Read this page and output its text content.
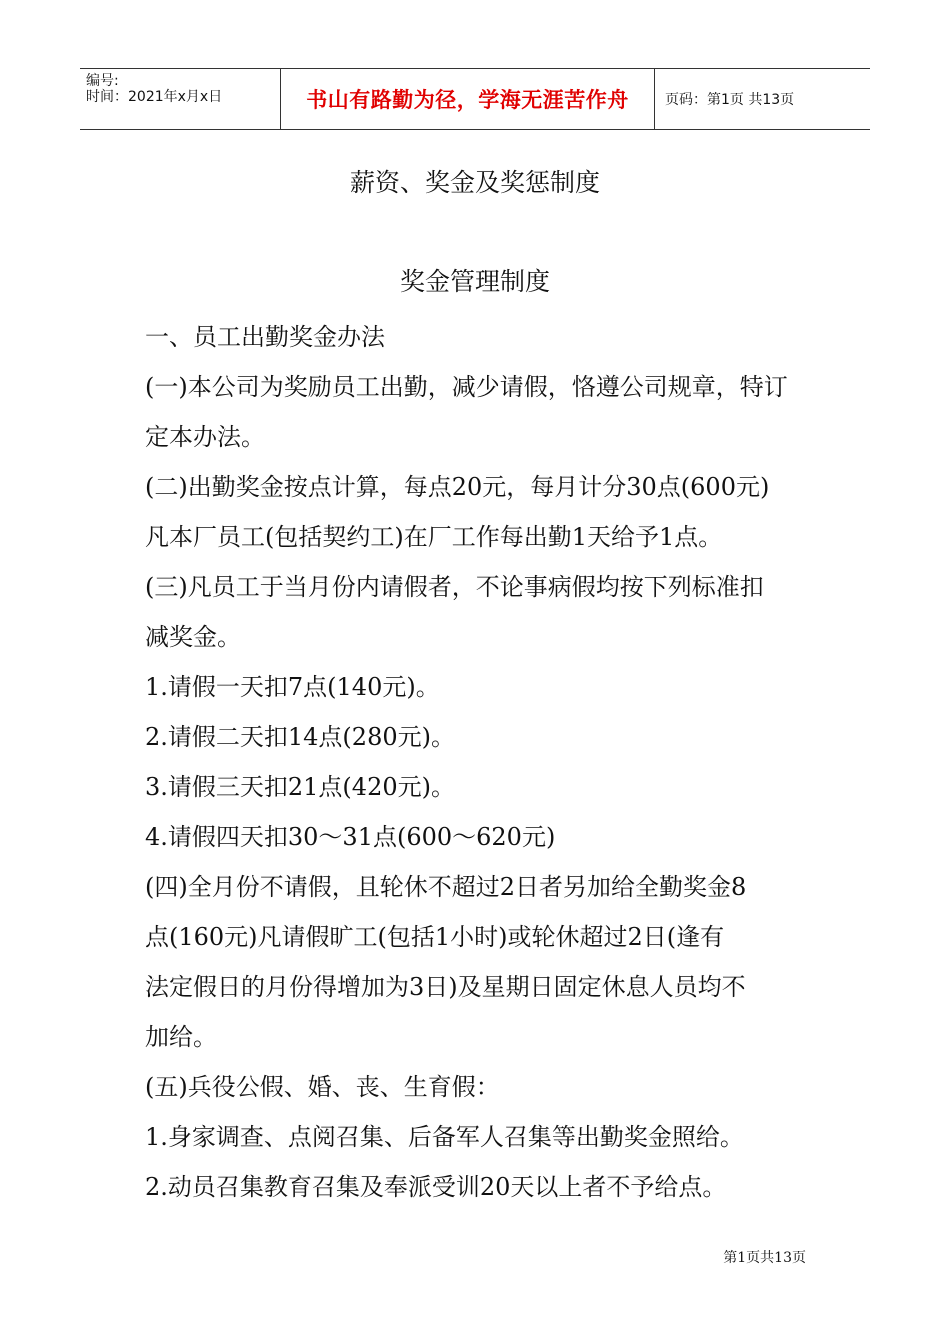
编号:
时间：2021年x月x日	书山有路勤为径，学海无涯苦作舟	页码：第1页 共13页
薪资、奖金及奖惩制度
奖金管理制度
一、员工出勤奖金办法
(一)本公司为奖励员工出勤，减少请假，恪遵公司规章，特订
定本办法。
(二)出勤奖金按点计算，每点20元，每月计分30点(600元)
凡本厂员工(包括契约工)在厂工作每出勤1天给予1点。
(三)凡员工于当月份内请假者，不论事病假均按下列标准扣
减奖金。
1.请假一天扣7点(140元)。
2.请假二天扣14点(280元)。
3.请假三天扣21点(420元)。
4.请假四天扣30～31点(600～620元)
(四)全月份不请假，且轮休不超过2日者另加给全勤奖金8
点(160元)凡请假旷工(包括1小时)或轮休超过2日(逢有
法定假日的月份得增加为3日)及星期日固定休息人员均不
加给。
(五)兵役公假、婚、丧、生育假：
1.身家调查、点阅召集、后备军人召集等出勤奖金照给。
2.动员召集教育召集及奉派受训20天以上者不予给点。
第1页共13页
